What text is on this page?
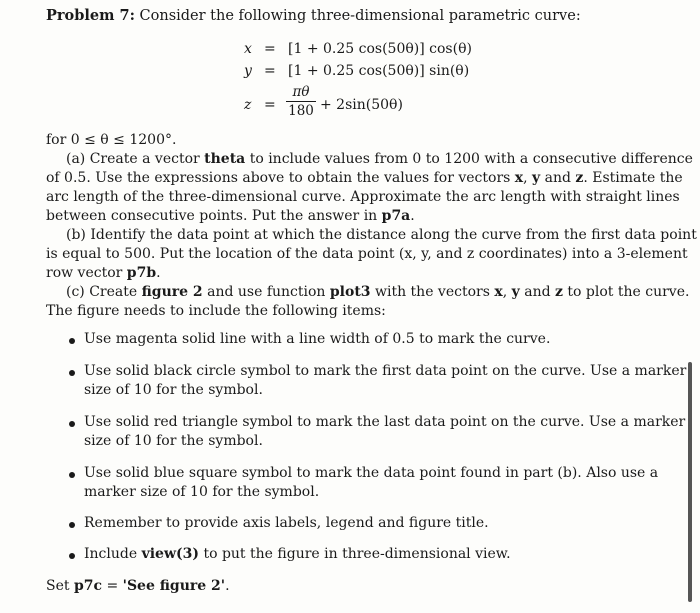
Problem 7: Consider the following three-dimensional parametric curve:
x = [1 + 0.25 cos(50θ)] cos(θ)
y = [1 + 0.25 cos(50θ)] sin(θ)
$z = \frac{\pi\theta}{180} + 2\sin(50\theta)$
for 0 ≤ θ ≤ 1200°.
(a) Create a vector theta to include values from 0 to 1200 with a consecutive difference
of 0.5. Use the expressions above to obtain the values for vectors x, y and z. Estimate the
arc length of the three-dimensional curve. Approximate the arc length with straight lines
between consecutive points. Put the answer in p7a.
(b) Identify the data point at which the distance along the curve from the first data point
is equal to 500. Put the location of the data point (x, y, and z coordinates) into a 3-element
row vector p7b.
(c) Create figure 2 and use function plot3 with the vectors x, y and z to plot the curve.
The figure needs to include the following items:
Use magenta solid line with a line width of 0.5 to mark the curve.
Use solid black circle symbol to mark the first data point on the curve. Use a marker
size of 10 for the symbol.
Use solid red triangle symbol to mark the last data point on the curve. Use a marker
size of 10 for the symbol.
Use solid blue square symbol to mark the data point found in part (b). Also use a
marker size of 10 for the symbol.
Remember to provide axis labels, legend and figure title.
Include view(3) to put the figure in three-dimensional view.
Set p7c = 'See figure 2'.
